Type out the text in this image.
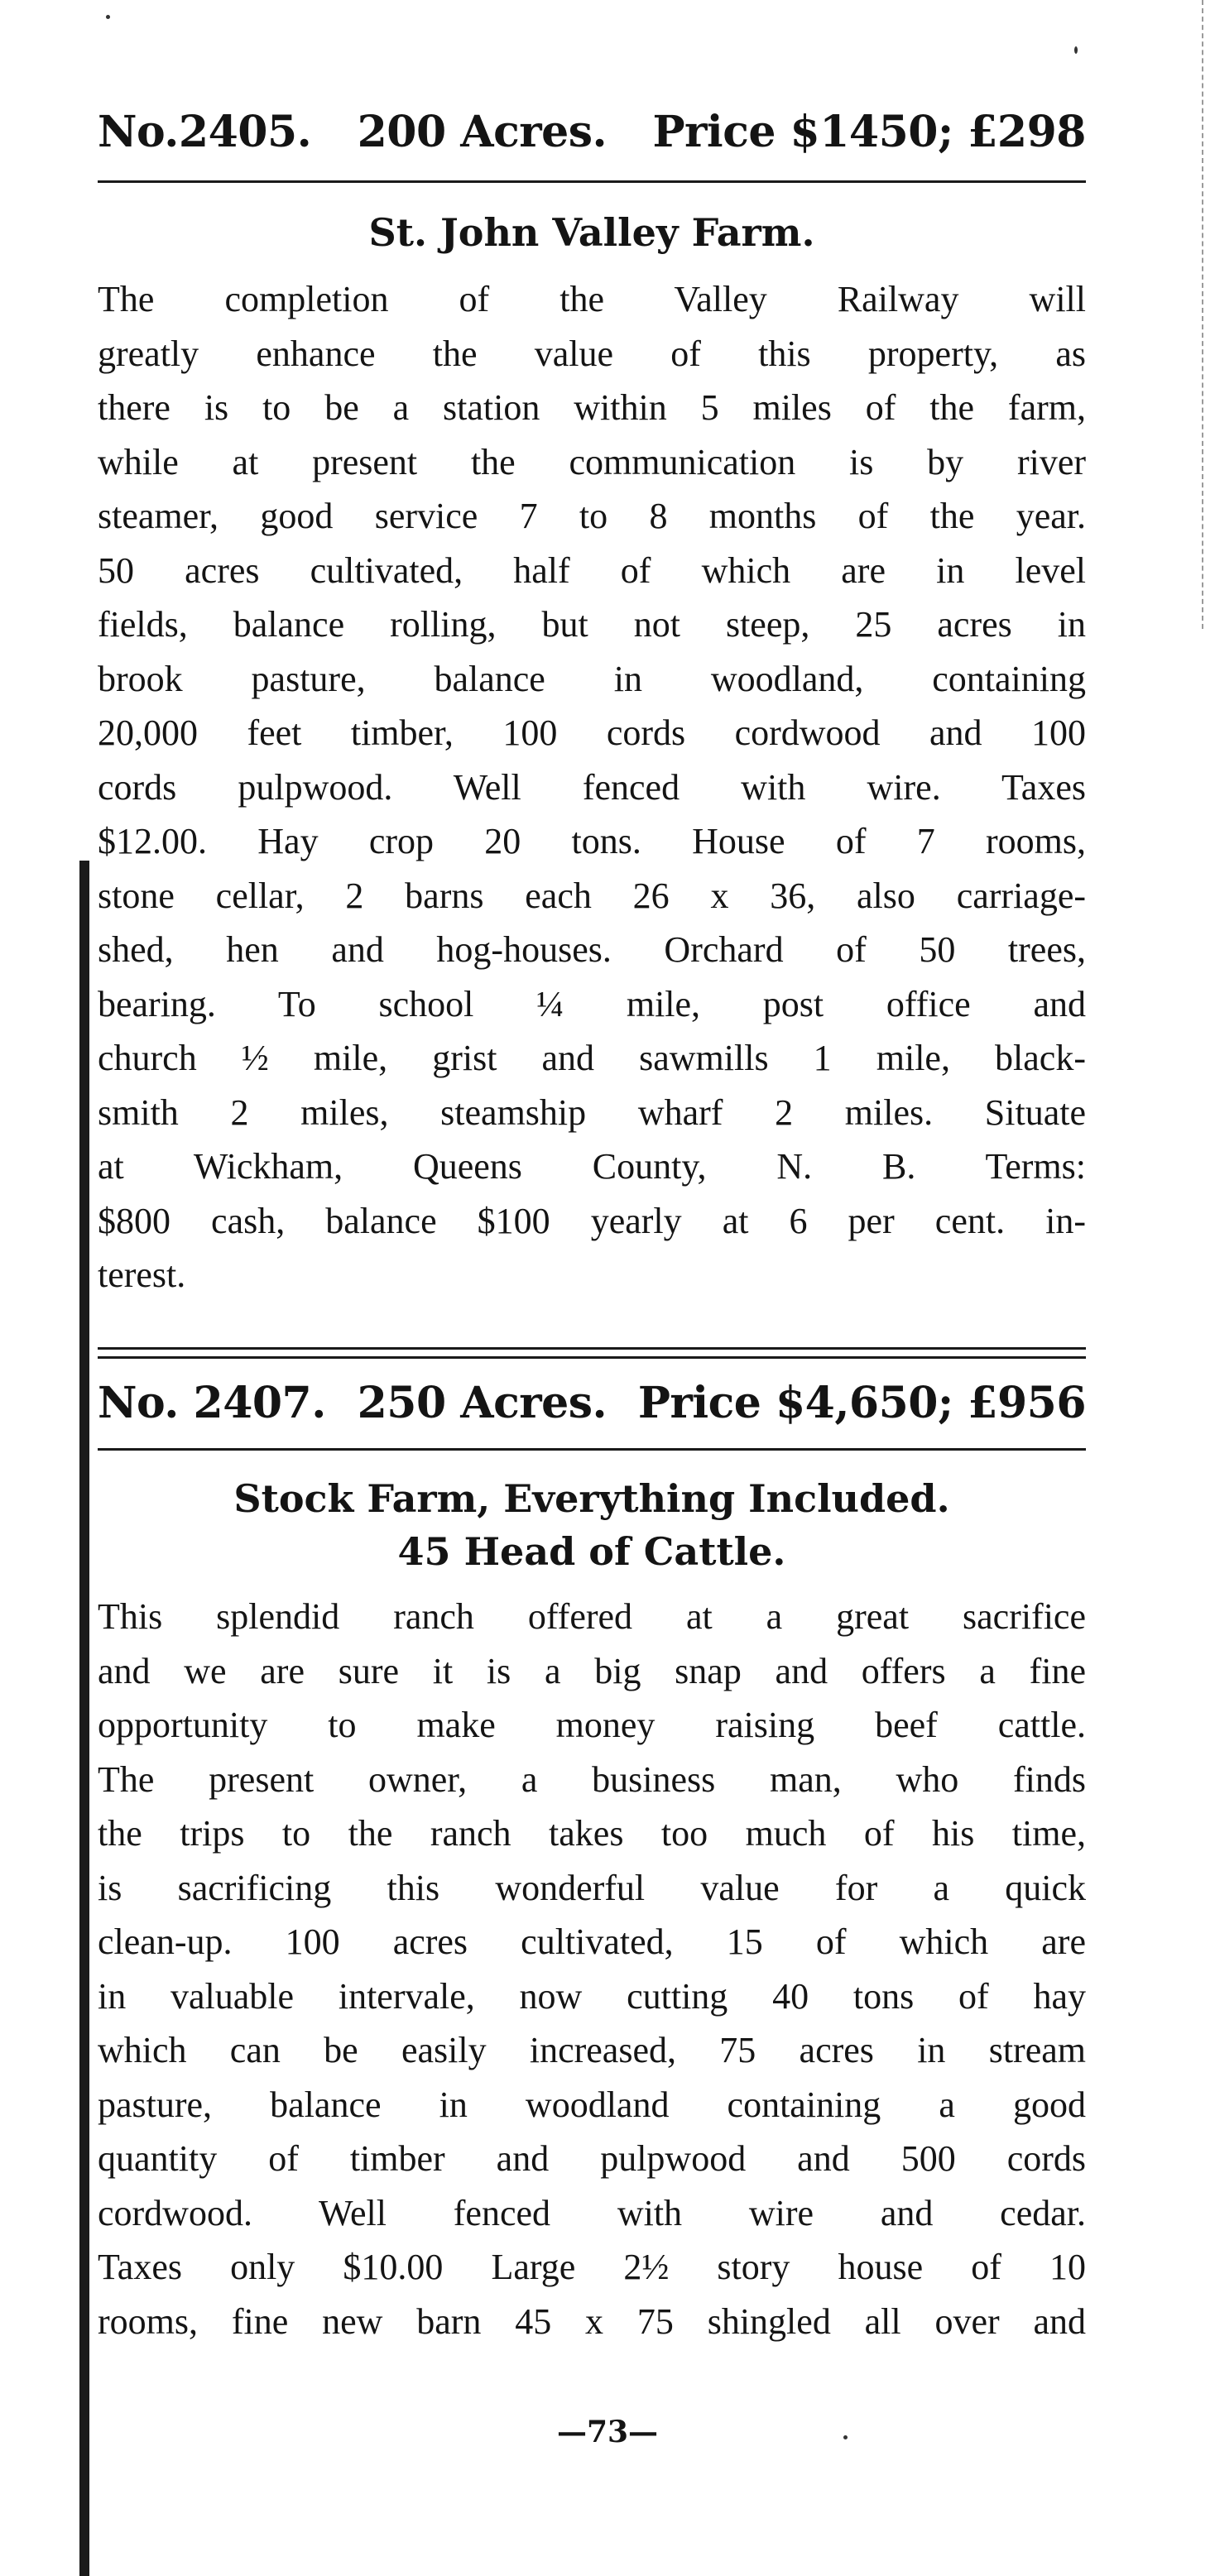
No.2405. 200 Acres. Price $1450; £298
St. John Valley Farm.
The completion of the Valley Railway will
greatly enhance the value of this property, as
there is to be a station within 5 miles of the farm,
while at present the communication is by river
steamer, good service 7 to 8 months of the year.
50 acres cultivated, half of which are in level
fields, balance rolling, but not steep, 25 acres in
brook pasture, balance in woodland, containing
20,000 feet timber, 100 cords cordwood and 100
cords pulpwood. Well fenced with wire. Taxes
$12.00. Hay crop 20 tons. House of 7 rooms,
stone cellar, 2 barns each 26 x 36, also carriage-
shed, hen and hog-houses. Orchard of 50 trees,
bearing. To school ¼ mile, post office and
church ½ mile, grist and sawmills 1 mile, black-
smith 2 miles, steamship wharf 2 miles. Situate
at Wickham, Queens County, N. B. Terms:
$800 cash, balance $100 yearly at 6 per cent. in-
terest.
No. 2407. 250 Acres. Price $4,650; £956
Stock Farm, Everything Included.
45 Head of Cattle.
This splendid ranch offered at a great sacrifice
and we are sure it is a big snap and offers a fine
opportunity to make money raising beef cattle.
The present owner, a business man, who finds
the trips to the ranch takes too much of his time,
is sacrificing this wonderful value for a quick
clean-up. 100 acres cultivated, 15 of which are
in valuable intervale, now cutting 40 tons of hay
which can be easily increased, 75 acres in stream
pasture, balance in woodland containing a good
quantity of timber and pulpwood and 500 cords
cordwood. Well fenced with wire and cedar.
Taxes only $10.00 Large 2½ story house of 10
rooms, fine new barn 45 x 75 shingled all over and
—73—
